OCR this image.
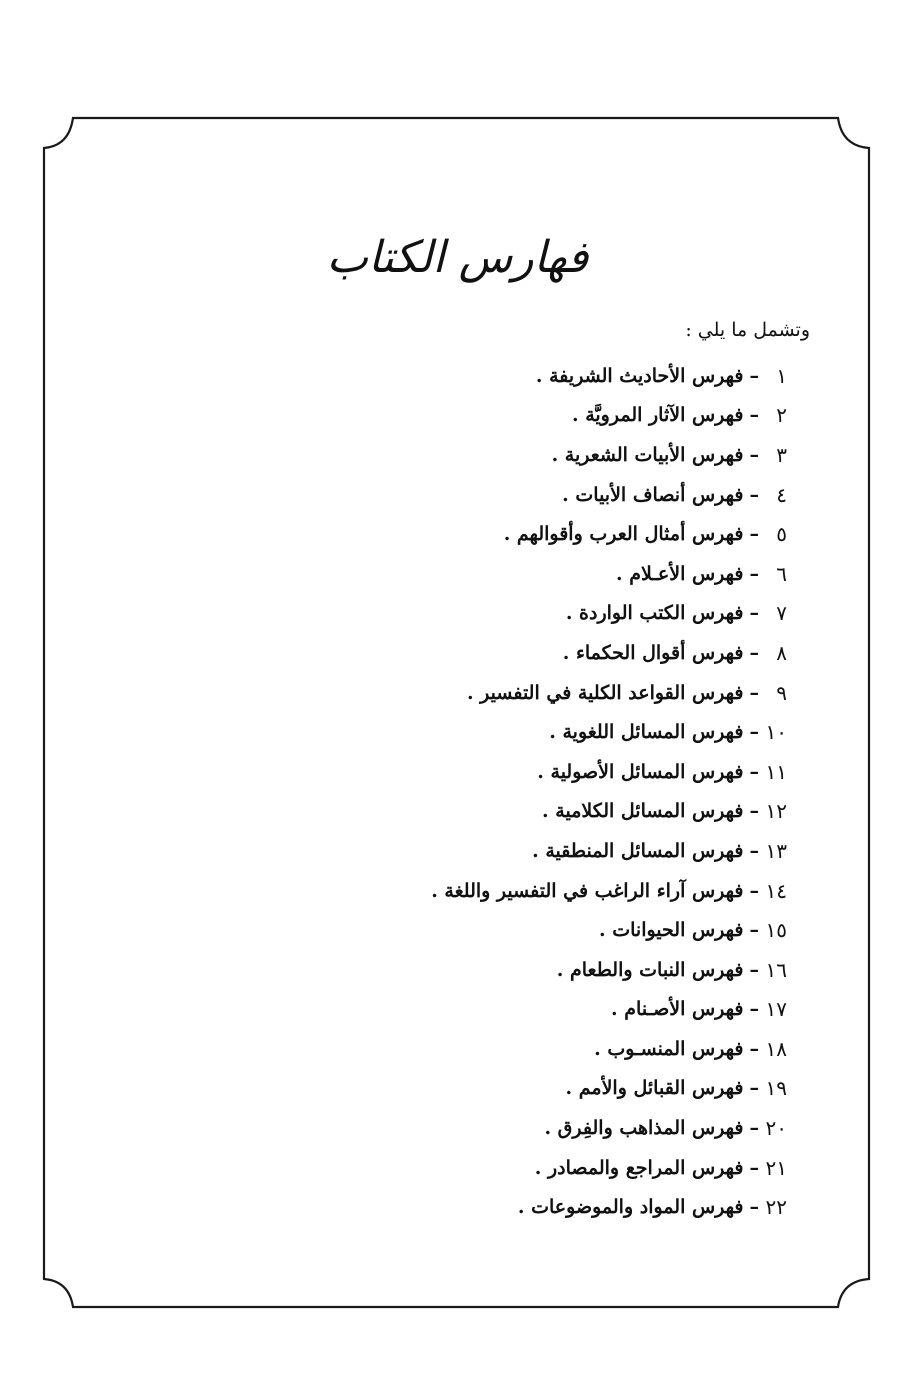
فهارس الكتاب
وتشمل ما يلي :
١
–
فهرس الأحاديث الشريفة .
٢
–
فهرس الآثار المرويَّة .
٣
–
فهرس الأبيات الشعرية .
٤
–
فهرس أنصاف الأبيات .
٥
–
فهرس أمثال العرب وأقوالهم .
٦
–
فهرس الأعـلام .
٧
–
فهرس الكتب الواردة .
٨
–
فهرس أقوال الحكماء .
٩
–
فهرس القواعد الكلية في التفسير .
١٠
–
فهرس المسائل اللغوية .
١١
–
فهرس المسائل الأصولية .
١٢
–
فهرس المسائل الكلامية .
١٣
–
فهرس المسائل المنطقية .
١٤
–
فهرس آراء الراغب في التفسير واللغة .
١٥
–
فهرس الحيوانات .
١٦
–
فهرس النبات والطعام .
١٧
–
فهرس الأصـنام .
١٨
–
فهرس المنسـوب .
١٩
–
فهرس القبائل والأمم .
٢٠
–
فهرس المذاهب والفِرق .
٢١
–
فهرس المراجع والمصادر .
٢٢
–
فهرس المواد والموضوعات .
